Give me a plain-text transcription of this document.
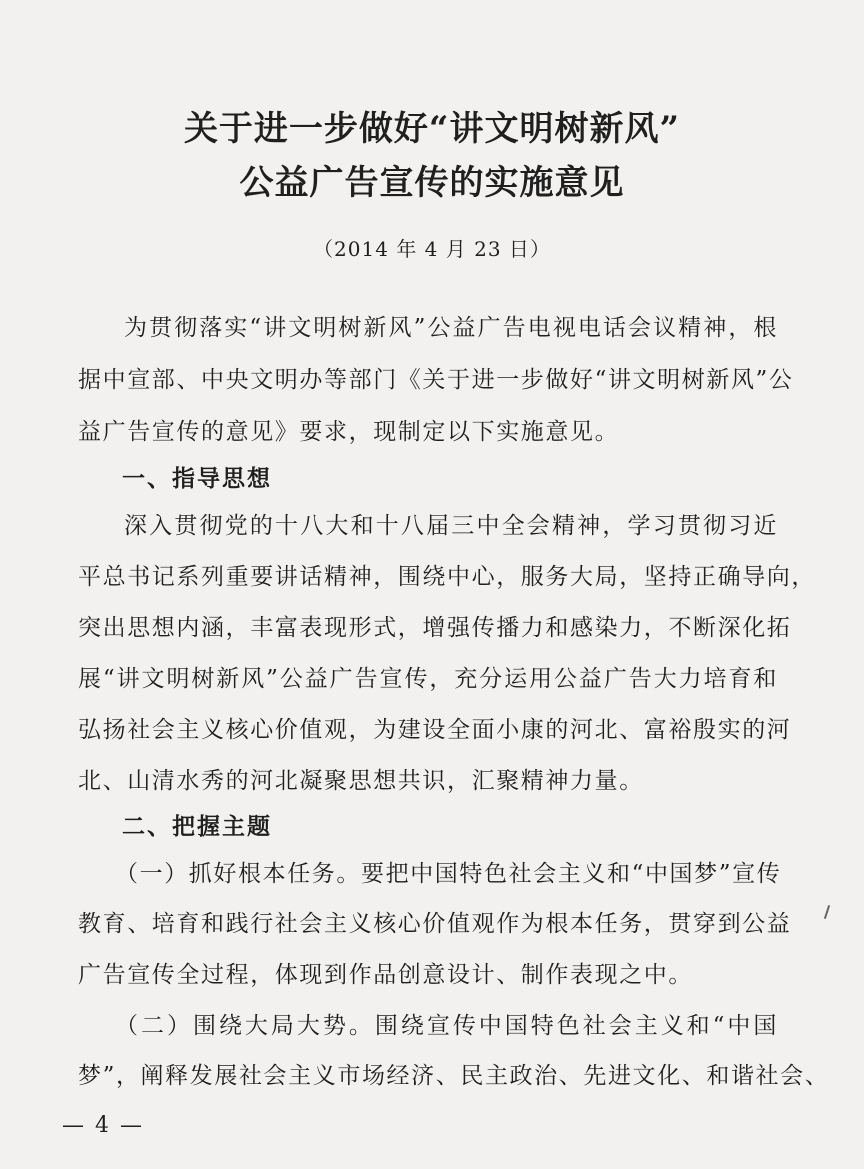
关于进一步做好“讲文明树新风”
公益广告宣传的实施意见
（2014 年 4 月 23 日）
为贯彻落实“讲文明树新风”公益广告电视电话会议精神，根
据中宣部、中央文明办等部门《关于进一步做好“讲文明树新风”公
益广告宣传的意见》要求，现制定以下实施意见。
一、指导思想
深入贯彻党的十八大和十八届三中全会精神，学习贯彻习近
平总书记系列重要讲话精神，围绕中心，服务大局，坚持正确导向，
突出思想内涵，丰富表现形式，增强传播力和感染力，不断深化拓
展“讲文明树新风”公益广告宣传，充分运用公益广告大力培育和
弘扬社会主义核心价值观，为建设全面小康的河北、富裕殷实的河
北、山清水秀的河北凝聚思想共识，汇聚精神力量。
二、把握主题
（一）抓好根本任务。要把中国特色社会主义和“中国梦”宣传
教育、培育和践行社会主义核心价值观作为根本任务，贯穿到公益
广告宣传全过程，体现到作品创意设计、制作表现之中。
（二）围绕大局大势。围绕宣传中国特色社会主义和“中国
梦”，阐释发展社会主义市场经济、民主政治、先进文化、和谐社会、
— 4 —
